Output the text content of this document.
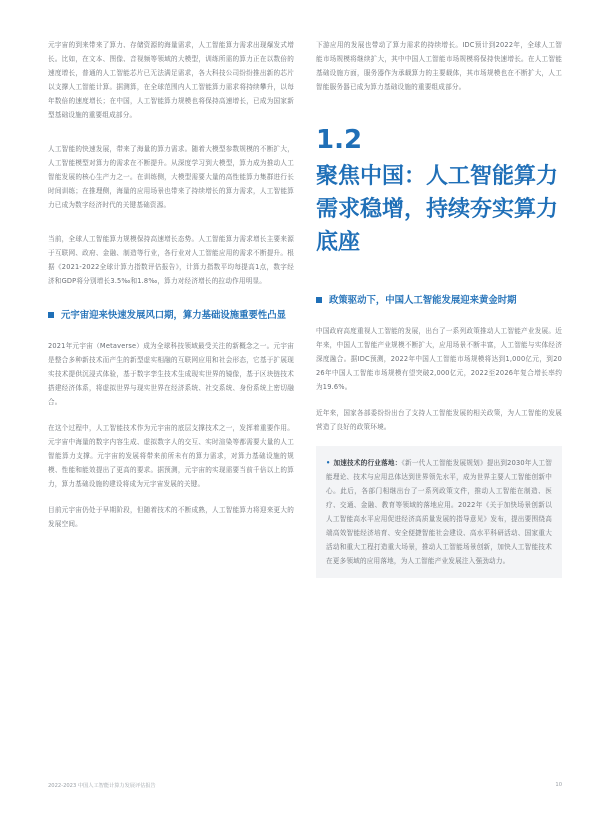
元宇宙的到来带来了算力、存储资源的海量需求，人工智能算力需求出现爆发式增长。比如，在文本、图像、音视频等领域的大模型，训练所需的算力正在以数倍的速度增长，普通的人工智能芯片已无法满足需求，各大科技公司纷纷推出新的芯片以支撑人工智能计算。据测算，在全球范围内人工智能算力需求将持续攀升，以每年数倍的速度增长；在中国，人工智能算力规模也将保持高速增长，已成为国家新型基础设施的重要组成部分。

人工智能的快速发展，带来了海量的算力需求。随着大模型参数规模的不断扩大，人工智能模型对算力的需求在不断提升。从深度学习到大模型，算力成为推动人工智能发展的核心生产力之一。在训练侧，大模型需要大量的高性能算力集群进行长时间训练；在推理侧，海量的应用场景也带来了持续增长的算力需求，人工智能算力已成为数字经济时代的关键基础资源。

当前，全球人工智能算力规模保持高速增长态势。人工智能算力需求增长主要来源于互联网、政府、金融、制造等行业，各行业对人工智能应用的需求不断提升。根据《2021-2022全球计算力指数评估报告》，计算力指数平均每提高1点，数字经济和GDP将分别增长3.5‰和1.8‰，算力对经济增长的拉动作用明显。

元宇宙迎来快速发展风口期，算力基础设施重要性凸显

2021年元宇宙（Metaverse）成为全球科技领域最受关注的新概念之一。元宇宙是整合多种新技术而产生的新型虚实相融的互联网应用和社会形态，它基于扩展现实技术提供沉浸式体验，基于数字孪生技术生成现实世界的镜像，基于区块链技术搭建经济体系，将虚拟世界与现实世界在经济系统、社交系统、身份系统上密切融合。

在这个过程中，人工智能技术作为元宇宙的底层支撑技术之一，发挥着重要作用。元宇宙中海量的数字内容生成、虚拟数字人的交互、实时渲染等都需要大量的人工智能算力支撑。元宇宙的发展将带来前所未有的算力需求，对算力基础设施的规模、性能和能效提出了更高的要求。据预测，元宇宙的实现需要当前千倍以上的算力，算力基础设施的建设将成为元宇宙发展的关键。

目前元宇宙仍处于早期阶段，但随着技术的不断成熟，人工智能算力将迎来更大的发展空间。

下游应用的发展也带动了算力需求的持续增长。IDC预计到2022年，全球人工智能市场规模将继续扩大，其中中国人工智能市场规模将保持快速增长。在人工智能基础设施方面，服务器作为承载算力的主要载体，其市场规模也在不断扩大，人工智能服务器已成为算力基础设施的重要组成部分。

1.2
聚焦中国：人工智能算力需求稳增，持续夯实算力底座
政策驱动下，中国人工智能发展迎来黄金时期

中国政府高度重视人工智能的发展，出台了一系列政策推动人工智能产业发展。近年来，中国人工智能产业规模不断扩大，应用场景不断丰富，人工智能与实体经济深度融合。据IDC预测，2022年中国人工智能市场规模将达到1,000亿元，到2026年中国人工智能市场规模有望突破2,000亿元，2022至2026年复合增长率约为19.6%。

近年来，国家各部委纷纷出台了支持人工智能发展的相关政策，为人工智能的发展营造了良好的政策环境。

• 加速技术的行业落地：《新一代人工智能发展规划》提出到2030年人工智能理论、技术与应用总体达到世界领先水平，成为世界主要人工智能创新中心。此后，各部门相继出台了一系列政策文件，推动人工智能在制造、医疗、交通、金融、教育等领域的落地应用。2022年《关于加快场景创新以人工智能高水平应用促进经济高质量发展的指导意见》发布，提出要围绕高端高效智能经济培育、安全便捷智能社会建设、高水平科研活动、国家重大活动和重大工程打造重大场景，推动人工智能场景创新，加快人工智能技术在更多领域的应用落地，为人工智能产业发展注入强劲动力。

2022-2023 中国人工智能计算力发展评估报告	10
